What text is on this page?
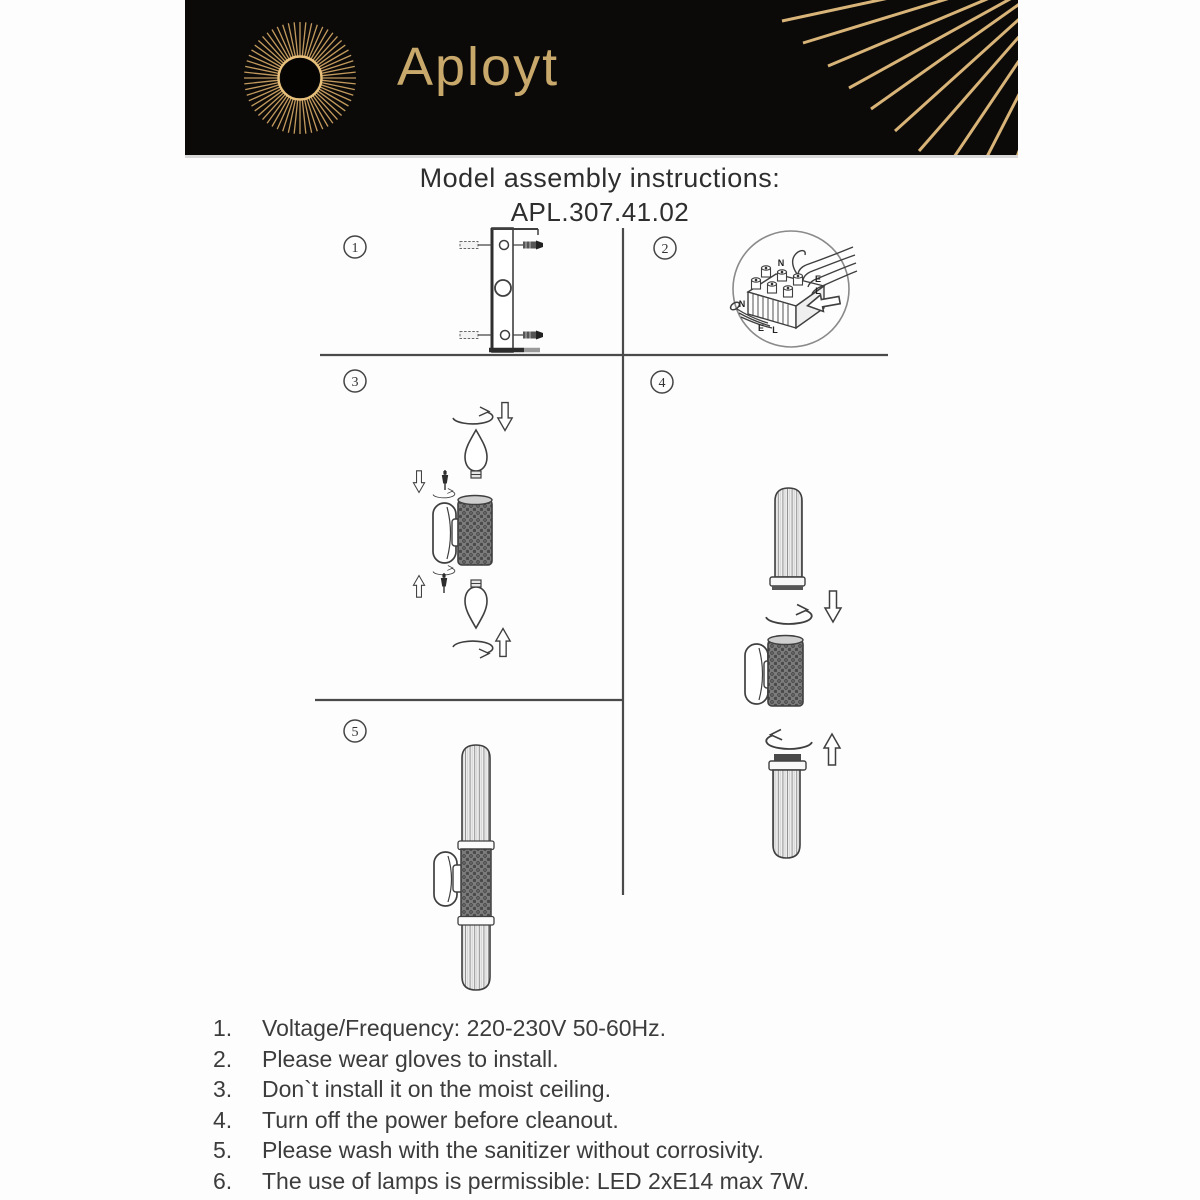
Aployt
Model assembly instructions:
APL.307.41.02
1	2
3	4
5
N
E
L
N
E L
1. Voltage/Frequency: 220-230V 50-60Hz.
2. Please wear gloves to install.
3. Don`t install it on the moist ceiling.
4. Turn off the power before cleanout.
5. Please wash with the sanitizer without corrosivity.
6. The use of lamps is permissible: LED 2xE14 max 7W.
